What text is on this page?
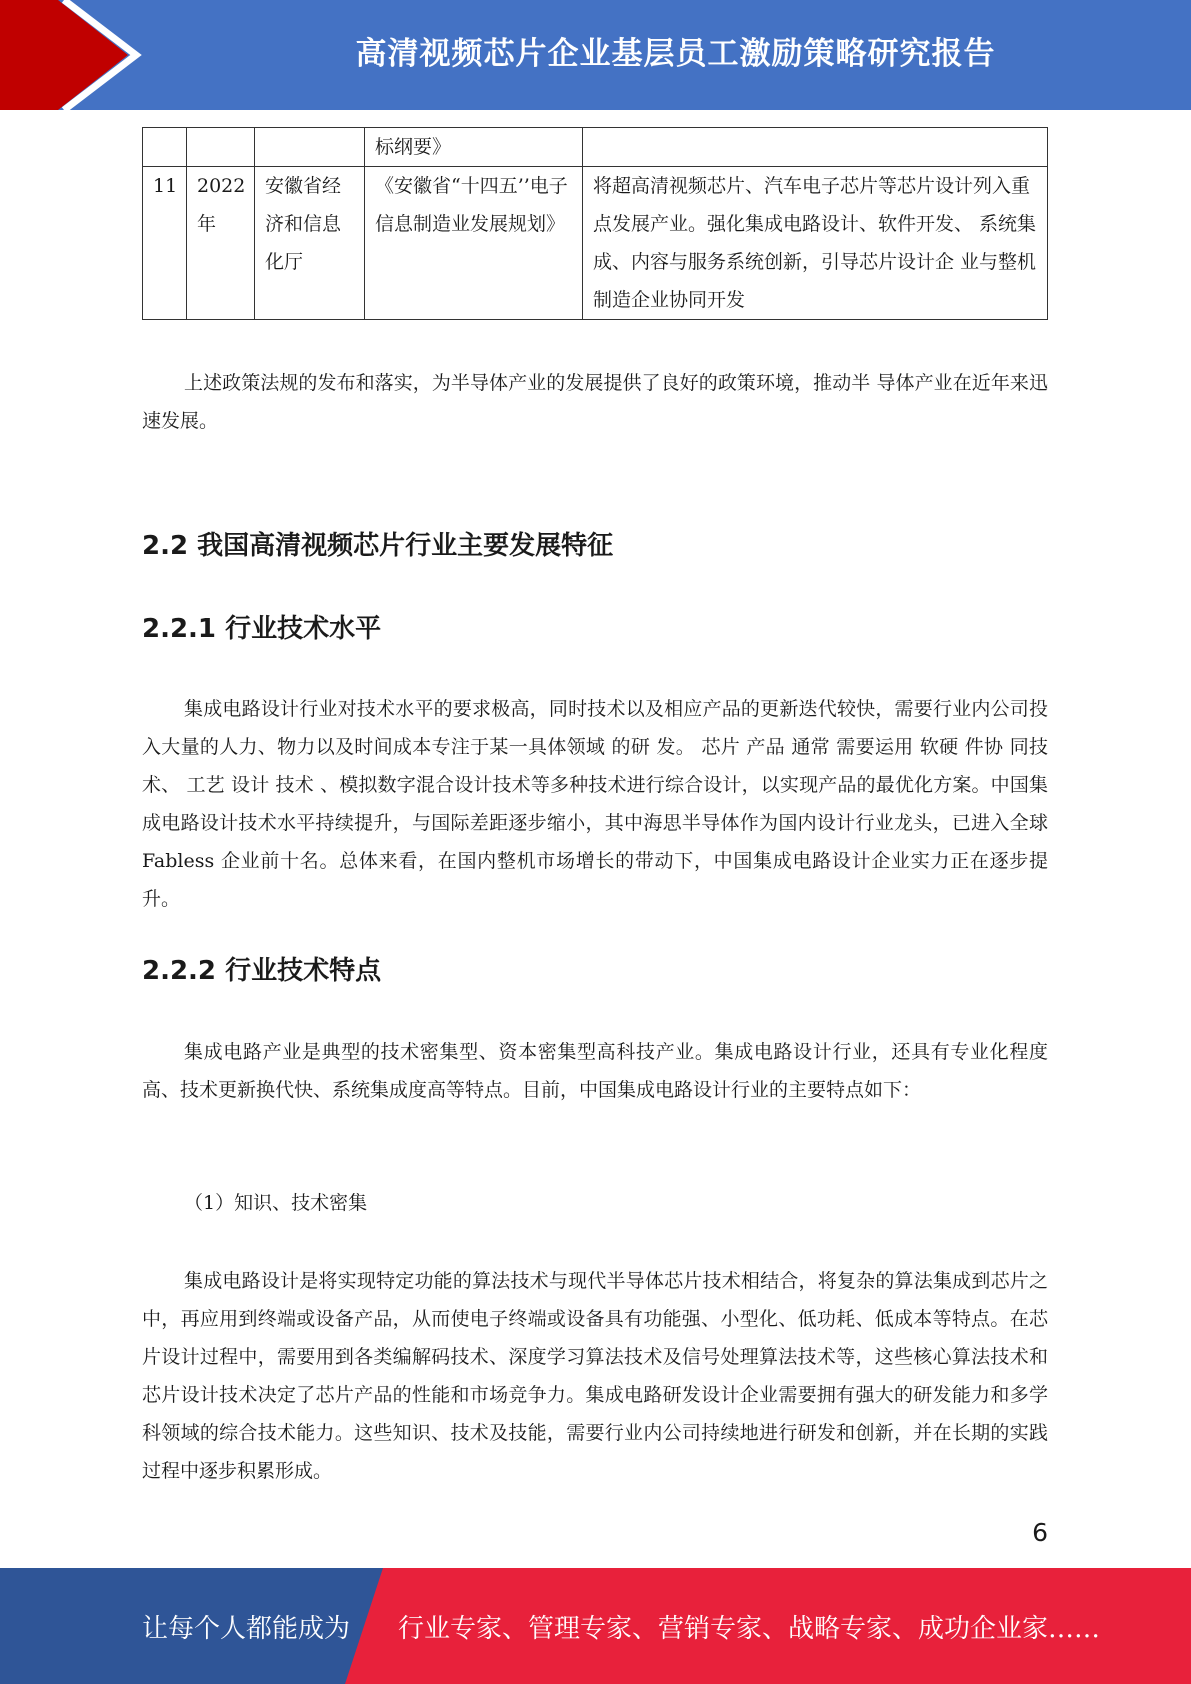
高清视频芯片企业基层员工激励策略研究报告
			标纲要》	
11	2022年	安徽省经济和信息化厅	《安徽省“十四五’’电子信息制造业发展规划》	将超高清视频芯片、汽车电子芯片等芯片设计列入重点发展产业。强化集成电路设计、软件开发、 系统集成、内容与服务系统创新，引导芯片设计企 业与整机制造企业协同开发

上述政策法规的发布和落实，为半导体产业的发展提供了良好的政策环境，推动半 导体产业在近年来迅速发展。

2.2 我国高清视频芯片行业主要发展特征
2.2.1 行业技术水平

集成电路设计行业对技术水平的要求极高，同时技术以及相应产品的更新迭代较快，需要行业内公司投入大量的人力、物力以及时间成本专注于某一具体领域 的研 发。 芯片 产品 通常 需要运用 软硬 件协 同技 术、 工艺 设计 技术 、模拟数字混合设计技术等多种技术进行综合设计，以实现产品的最优化方案。中国集成电路设计技术水平持续提升，与国际差距逐步缩小，其中海思半导体作为国内设计行业龙头，已进入全球 Fabless 企业前十名。总体来看，在国内整机市场增长的带动下，中国集成电路设计企业实力正在逐步提升。

2.2.2 行业技术特点

集成电路产业是典型的技术密集型、资本密集型高科技产业。集成电路设计行业，还具有专业化程度高、技术更新换代快、系统集成度高等特点。目前，中国集成电路设计行业的主要特点如下：

（1）知识、技术密集

集成电路设计是将实现特定功能的算法技术与现代半导体芯片技术相结合，将复杂的算法集成到芯片之中，再应用到终端或设备产品，从而使电子终端或设备具有功能强、小型化、低功耗、低成本等特点。在芯片设计过程中，需要用到各类编解码技术、深度学习算法技术及信号处理算法技术等，这些核心算法技术和芯片设计技术决定了芯片产品的性能和市场竞争力。集成电路研发设计企业需要拥有强大的研发能力和多学科领域的综合技术能力。这些知识、技术及技能，需要行业内公司持续地进行研发和创新，并在长期的实践过程中逐步积累形成。

6
让每个人都能成为 行业专家、管理专家、营销专家、战略专家、成功企业家……
